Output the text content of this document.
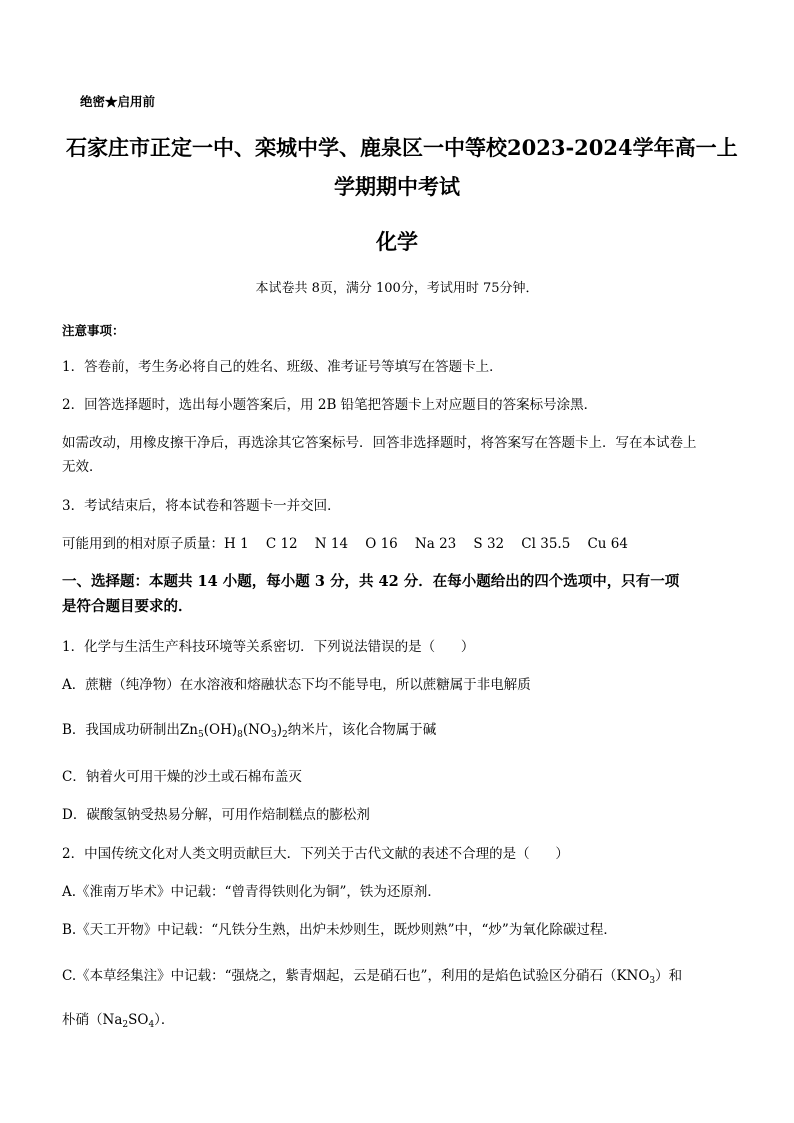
绝密★启用前
石家庄市正定一中、栾城中学、鹿泉区一中等校2023-2024学年高一上
学期期中考试
化学
本试卷共 8页，满分 100分，考试用时 75分钟．
注意事项：
1．答卷前，考生务必将自己的姓名、班级、准考证号等填写在答题卡上．
2．回答选择题时，选出每小题答案后，用 2B 铅笔把答题卡上对应题目的答案标号涂黑．
如需改动，用橡皮擦干净后，再选涂其它答案标号．回答非选择题时，将答案写在答题卡上．写在本试卷上
无效．
3．考试结束后，将本试卷和答题卡一并交回．
可能用到的相对原子质量：H 1    C 12    N 14    O 16    Na 23    S 32    Cl 35.5    Cu 64
一、选择题：本题共 14 小题，每小题 3 分，共 42 分．在每小题给出的四个选项中，只有一项
是符合题目要求的．
1．化学与生活生产科技环境等关系密切．下列说法错误的是（      ）
A．蔗糖（纯净物）在水溶液和熔融状态下均不能导电，所以蔗糖属于非电解质
B．我国成功研制出$Zn_5(OH)_8(NO_3)_2$纳米片，该化合物属于碱
C．钠着火可用干燥的沙土或石棉布盖灭
D．碳酸氢钠受热易分解，可用作焙制糕点的膨松剂
2．中国传统文化对人类文明贡献巨大．下列关于古代文献的表述不合理的是（      ）
A.《淮南万毕术》中记载：“曾青得铁则化为铜”，铁为还原剂．
B.《天工开物》中记载：“凡铁分生熟，出炉未炒则生，既炒则熟”中，“炒”为氧化除碳过程．
C.《本草经集注》中记载：“强烧之，紫青烟起，云是硝石也”，利用的是焰色试验区分硝石$(KNO_3)$和
朴硝$(Na_2SO_4)$．
